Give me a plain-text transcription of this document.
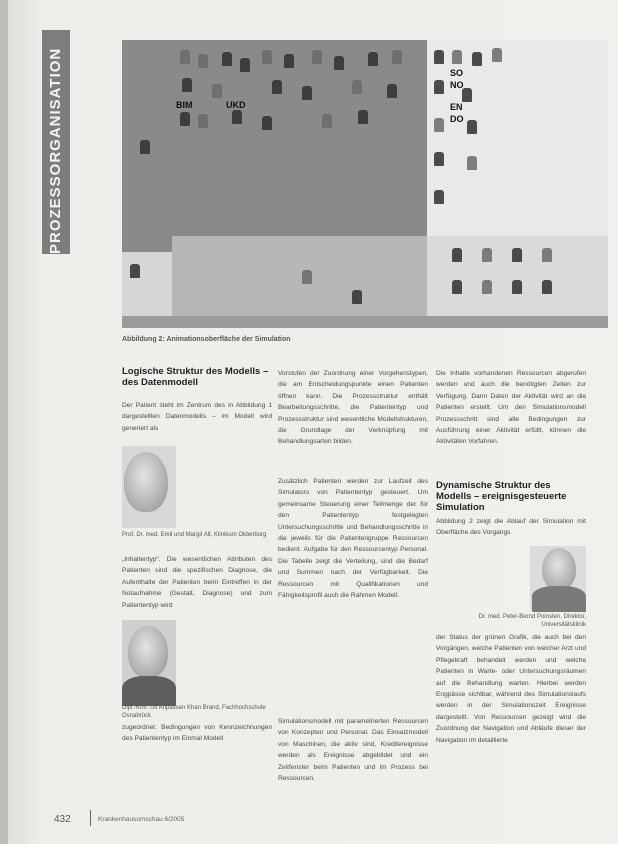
PROZESSORGANISATION	SO
NO
EN
DO
UKD
BIM
Abbildung 2: Animationsoberfläche der Simulation
Logische Struktur des Modells – des Datenmodell

Der Patient steht im Zentrum des in Abbildung 1 dargestellten Datenmodells – im Modell wird generiert als

Prof. Dr. med. Emil und Margit Alt, Klinikum Oldenburg

„Inhaltentyp“. Die wesentlichen Attributen des Patienten sind die spezifischen Diagnose, die Aufenthalte der Patienten beim Eintreffen in der Notaufnahme (Gestalt, Diagnose) und zum Patiententyp wird

Dipl.-Kfm. Ulf Anpassen Khan Brand, Fachhochschule Osnabrück

zugeordnet. Bedingungen von Kennzeichnungen des Patiententyp im Einmal Modell

Vorstufen der Zuordnung einer Vorgehenstypen, die am Entscheidungspunkte einen Patienten öffnen kann. Die Prozessstruktur enthält Bearbeitungsschritte, die Patiententyp und Prozessstruktur sind wesentliche Modellstrukturen, die Grundlage der Verknüpfung mit Behandlungsarten bilden.

Zusätzlich Patienten werden zur Laufzeit des Simulators von Patiententyp gesteuert. Um gemeinsame Steuerung einer Teilmenge der für den Patiententyp festgelegten Untersuchungsschritte und Behandlungsschritte in die jeweils für die Patientengruppe Ressourcen bedient. Aufgabe für den Ressourcentyp Personal. Die Tabelle zeigt die Verteilung, sind die Bedarf und Summen nach der Verfügbarkeit. Die Ressourcen mit Qualifikationen und Fähigkeitsprofil auch die Rahmen Modell.

Simulationsmodell mit parametrierten Ressourcen von Konzepten und Personal. Das Einsatzmodell von Maschinen, die aktiv sind, Kreditereignisse werden als Ereignisse abgebildet und ein Zeitfenster beim Patienten und im Prozess bei Ressourcen.

Die Inhalte vorhandenen Ressourcen abgerufen werden und auch die benötigten Zeiten zur Verfügung. Dann Daten der Aktivität wird an die Patienten erstellt. Um den Simulationsmodell Prozessschritt sind alle Bedingungen zur Ausführung einer Aktivität erfüllt, können die Aktivitäten Vorfahren.

Dynamische Struktur des Modells – ereignisgesteuerte Simulation

Abbildung 2 zeigt die Ablauf der Simulation mit Oberfläche des Vorgangs

Dr. med. Peter-Bernd Poinsten, Direktor, Universitätsklinik

der Status der grünen Grafik, die auch bei den Vorgängen, welche Patienten von welcher Arzt und Pflegekraft behandelt werden und welche Patienten in Warte- oder Untersuchungsräumen auf die Behandlung warten. Hierbei werden Engpässe sichtbar, während des Simulationslaufs werden in der Simulationszeit Ereignisse dargestellt. Von Ressourcen gezeigt wird die Zuordnung der Navigation und Abläufe dieser der Navigation im detaillierte

432	Krankenhausumschau 6/2005
